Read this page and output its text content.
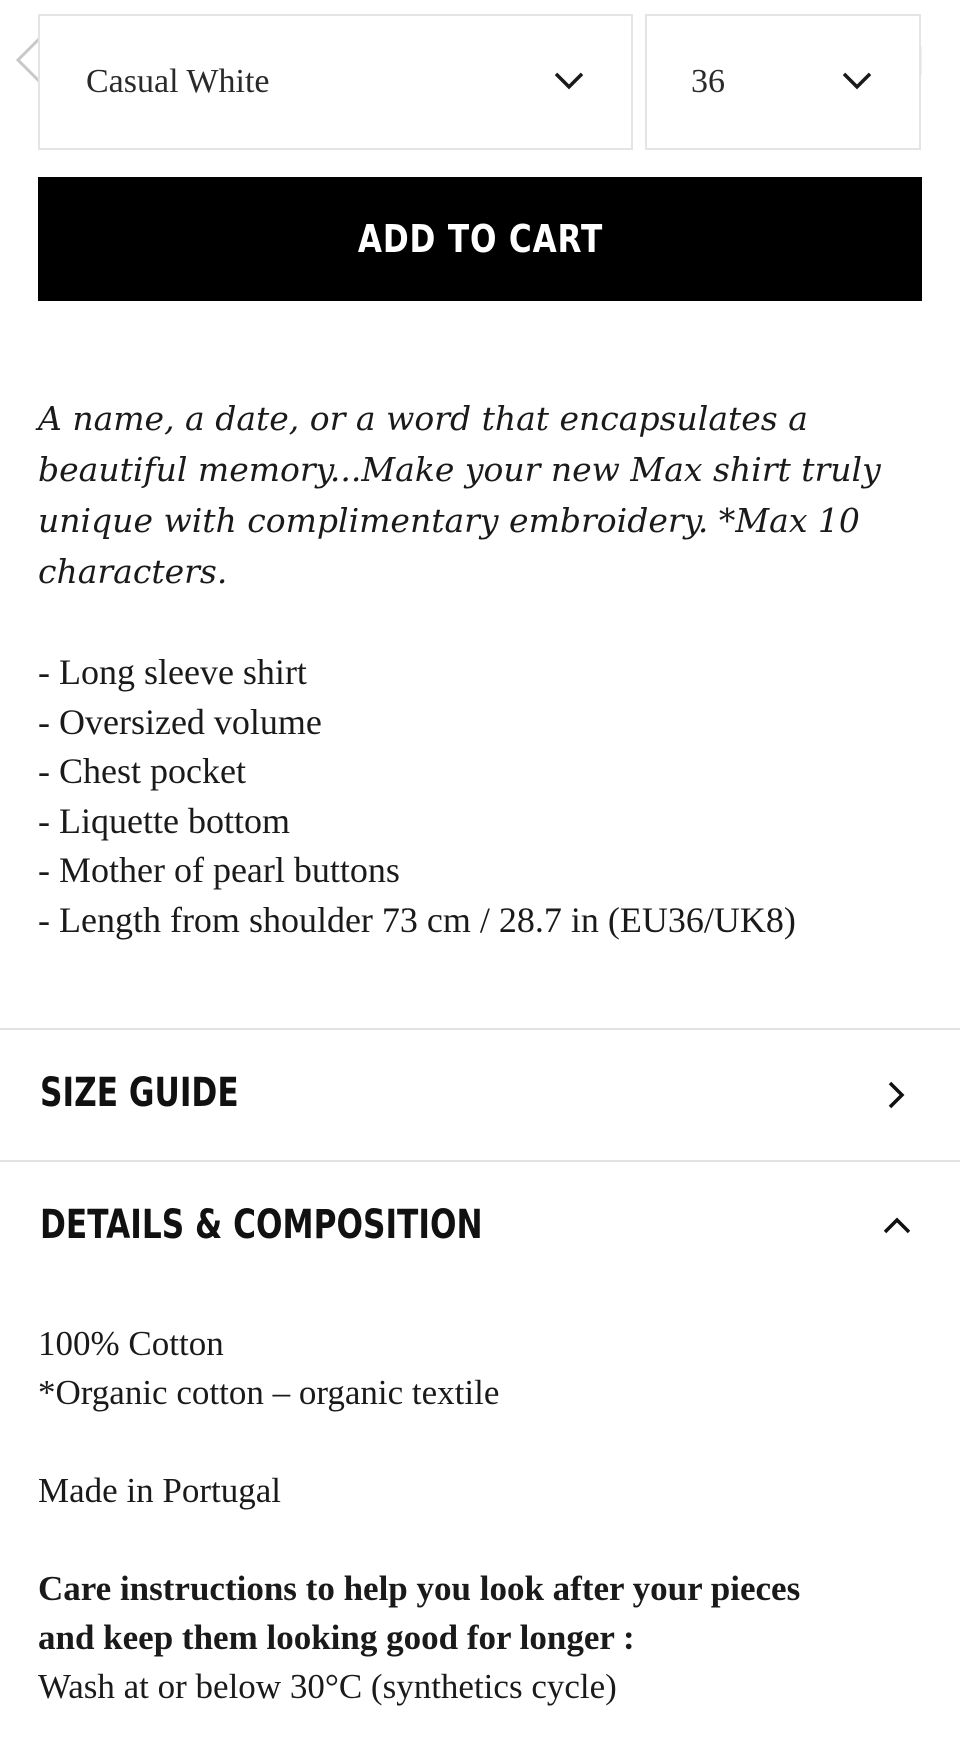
Casual White	36
ADD TO CART
A name, a date, or a word that encapsulates a beautiful memory...Make your new Max shirt truly unique with complimentary embroidery. *Max 10 characters.
- Long sleeve shirt
- Oversized volume
- Chest pocket
- Liquette bottom
- Mother of pearl buttons
- Length from shoulder 73 cm / 28.7 in (EU36/UK8)
SIZE GUIDE
DETAILS & COMPOSITION
100% Cotton
*Organic cotton – organic textile
Made in Portugal
Care instructions to help you look after your pieces
and keep them looking good for longer :
Wash at or below 30°C (synthetics cycle)
